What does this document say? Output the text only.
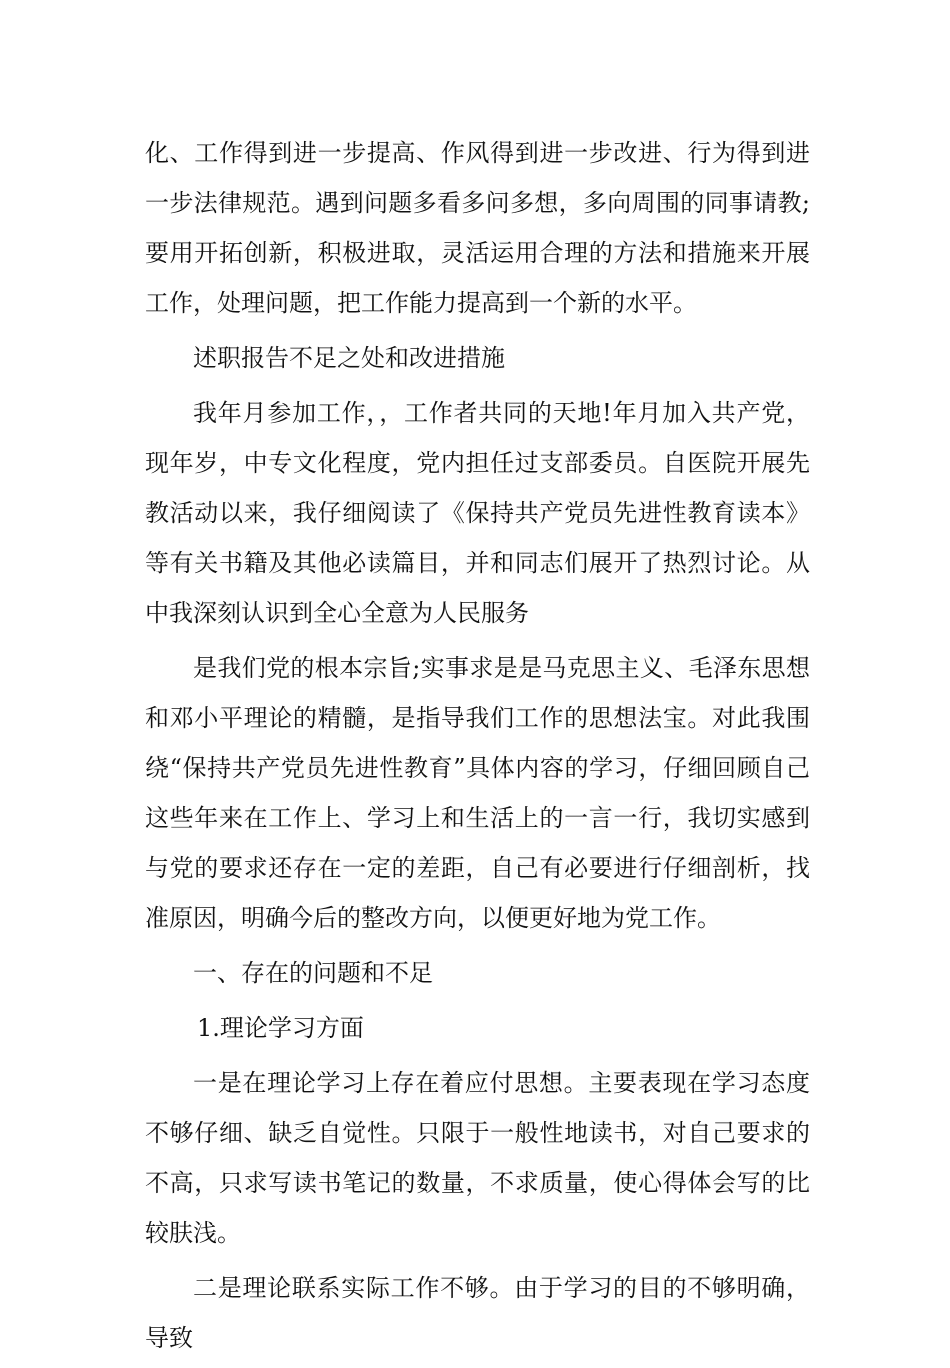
化、工作得到进一步提高、作风得到进一步改进、行为得到进一步法律规范。遇到问题多看多问多想，多向周围的同事请教;要用开拓创新，积极进取，灵活运用合理的方法和措施来开展工作，处理问题，把工作能力提高到一个新的水平。

述职报告不足之处和改进措施

我年月参加工作，，工作者共同的天地!年月加入共产党，现年岁，中专文化程度，党内担任过支部委员。自医院开展先教活动以来，我仔细阅读了《保持共产党员先进性教育读本》等有关书籍及其他必读篇目，并和同志们展开了热烈讨论。从中我深刻认识到全心全意为人民服务

是我们党的根本宗旨;实事求是是马克思主义、毛泽东思想和邓小平理论的精髓，是指导我们工作的思想法宝。对此我围绕“保持共产党员先进性教育”具体内容的学习，仔细回顾自己这些年来在工作上、学习上和生活上的一言一行，我切实感到与党的要求还存在一定的差距，自己有必要进行仔细剖析，找准原因，明确今后的整改方向，以便更好地为党工作。

一、存在的问题和不足

1.理论学习方面

一是在理论学习上存在着应付思想。主要表现在学习态度不够仔细、缺乏自觉性。只限于一般性地读书，对自己要求的不高，只求写读书笔记的数量，不求质量，使心得体会写的比较肤浅。

二是理论联系实际工作不够。由于学习的目的不够明确，导致
